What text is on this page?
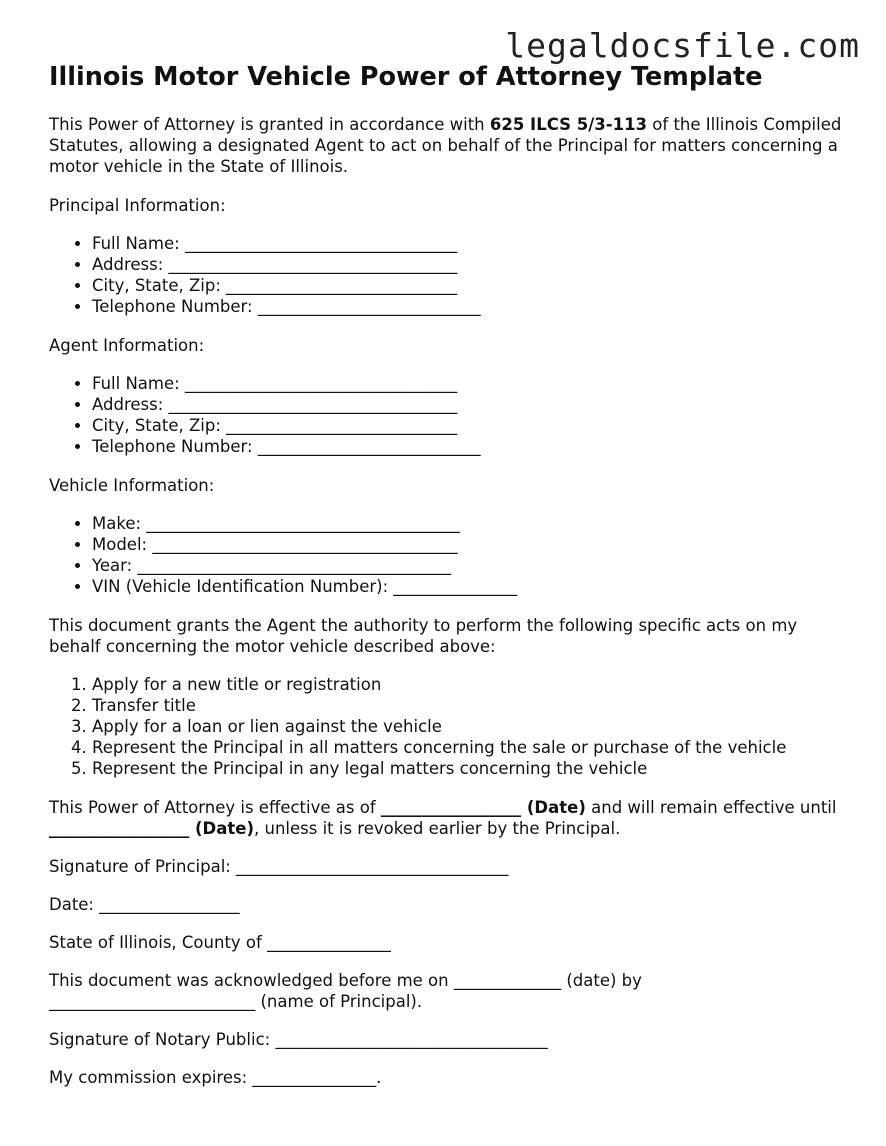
legaldocsfile.com
Illinois Motor Vehicle Power of Attorney Template

This Power of Attorney is granted in accordance with 625 ILCS 5/3-113 of the Illinois Compiled Statutes, allowing a designated Agent to act on behalf of the Principal for matters concerning a motor vehicle in the State of Illinois.

Principal Information:

• Full Name: _________________________________
• Address: ___________________________________
• City, State, Zip: ____________________________
• Telephone Number: ___________________________

Agent Information:

• Full Name: _________________________________
• Address: ___________________________________
• City, State, Zip: ____________________________
• Telephone Number: ___________________________

Vehicle Information:

• Make: ______________________________________
• Model: _____________________________________
• Year: ______________________________________
• VIN (Vehicle Identification Number): _______________

This document grants the Agent the authority to perform the following specific acts on my behalf concerning the motor vehicle described above:

1. Apply for a new title or registration
2. Transfer title
3. Apply for a loan or lien against the vehicle
4. Represent the Principal in all matters concerning the sale or purchase of the vehicle
5. Represent the Principal in any legal matters concerning the vehicle

This Power of Attorney is effective as of _________________ (Date) and will remain effective until _________________ (Date), unless it is revoked earlier by the Principal.

Signature of Principal: _________________________________

Date: _________________

State of Illinois, County of _______________

This document was acknowledged before me on _____________ (date) by
_________________________ (name of Principal).

Signature of Notary Public: _________________________________

My commission expires: _______________.
